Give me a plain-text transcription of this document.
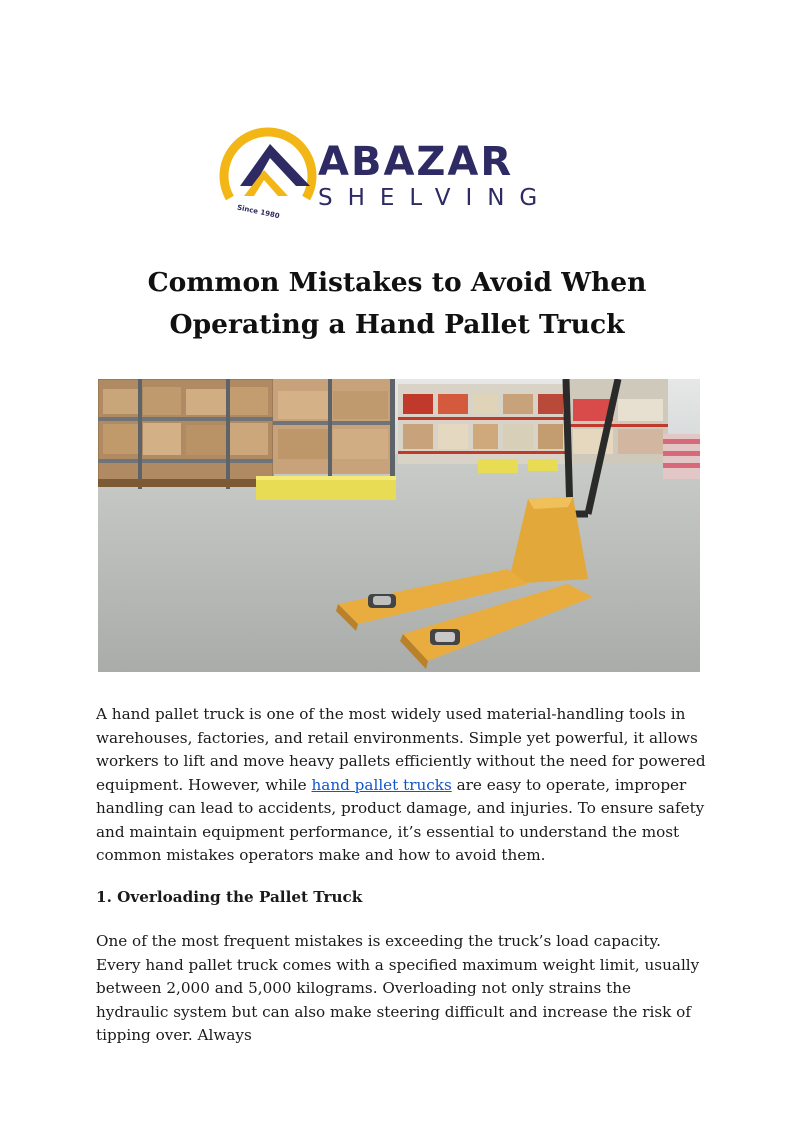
Since 1980

ABAZAR

SHELVING
Common Mistakes to Avoid When
Operating a Hand Pallet Truck

A hand pallet truck is one of the most widely used material-handling tools in warehouses, factories, and retail environments. Simple yet powerful, it allows workers to lift and move heavy pallets efficiently without the need for powered equipment. However, while hand pallet trucks are easy to operate, improper handling can lead to accidents, product damage, and injuries. To ensure safety and maintain equipment performance, it’s essential to understand the most common mistakes operators make and how to avoid them.

1. Overloading the Pallet Truck

One of the most frequent mistakes is exceeding the truck’s load capacity. Every hand pallet truck comes with a specified maximum weight limit, usually between 2,000 and 5,000 kilograms. Overloading not only strains the hydraulic system but can also make steering difficult and increase the risk of tipping over. Always
